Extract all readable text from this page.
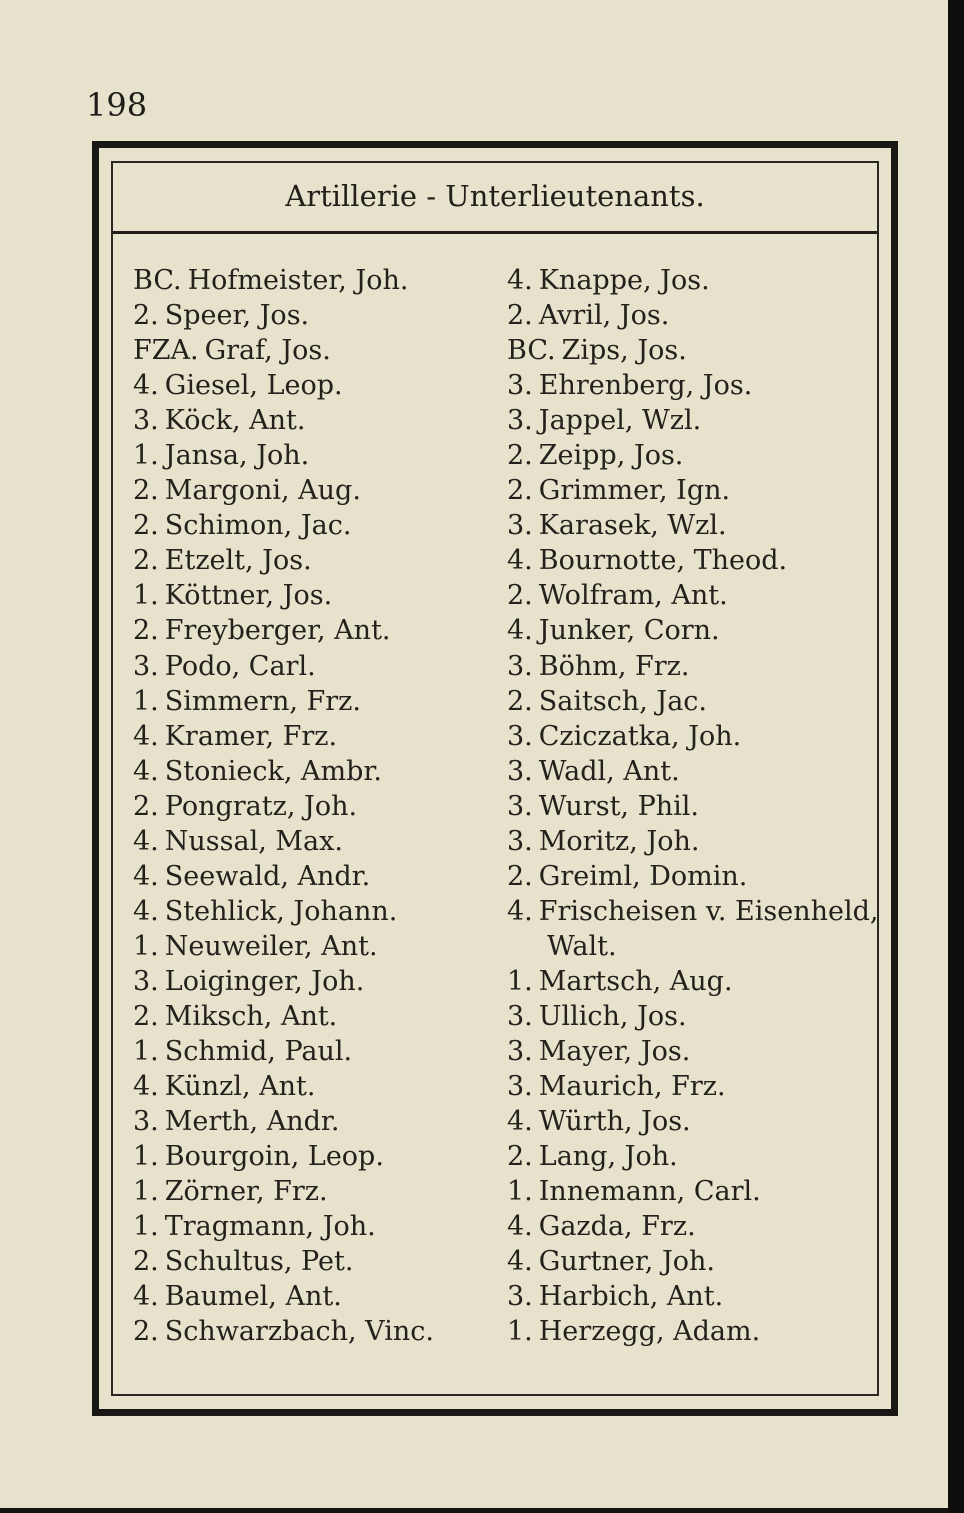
198
Artillerie - Unterlieutenants.
BC. Hofmeister, Joh.
2. Speer, Jos.
FZA. Graf, Jos.
4. Giesel, Leop.
3. Köck, Ant.
1. Jansa, Joh.
2. Margoni, Aug.
2. Schimon, Jac.
2. Etzelt, Jos.
1. Köttner, Jos.
2. Freyberger, Ant.
3. Podo, Carl.
1. Simmern, Frz.
4. Kramer, Frz.
4. Stonieck, Ambr.
2. Pongratz, Joh.
4. Nussal, Max.
4. Seewald, Andr.
4. Stehlick, Johann.
1. Neuweiler, Ant.
3. Loiginger, Joh.
2. Miksch, Ant.
1. Schmid, Paul.
4. Künzl, Ant.
3. Merth, Andr.
1. Bourgoin, Leop.
1. Zörner, Frz.
1. Tragmann, Joh.
2. Schultus, Pet.
4. Baumel, Ant.
2. Schwarzbach, Vinc.
4. Knappe, Jos.
2. Avril, Jos.
BC. Zips, Jos.
3. Ehrenberg, Jos.
3. Jappel, Wzl.
2. Zeipp, Jos.
2. Grimmer, Ign.
3. Karasek, Wzl.
4. Bournotte, Theod.
2. Wolfram, Ant.
4. Junker, Corn.
3. Böhm, Frz.
2. Saitsch, Jac.
3. Cziczatka, Joh.
3. Wadl, Ant.
3. Wurst, Phil.
3. Moritz, Joh.
2. Greiml, Domin.
4. Frischeisen v. Eisenheld,
Walt.
1. Martsch, Aug.
3. Ullich, Jos.
3. Mayer, Jos.
3. Maurich, Frz.
4. Würth, Jos.
2. Lang, Joh.
1. Innemann, Carl.
4. Gazda, Frz.
4. Gurtner, Joh.
3. Harbich, Ant.
1. Herzegg, Adam.
